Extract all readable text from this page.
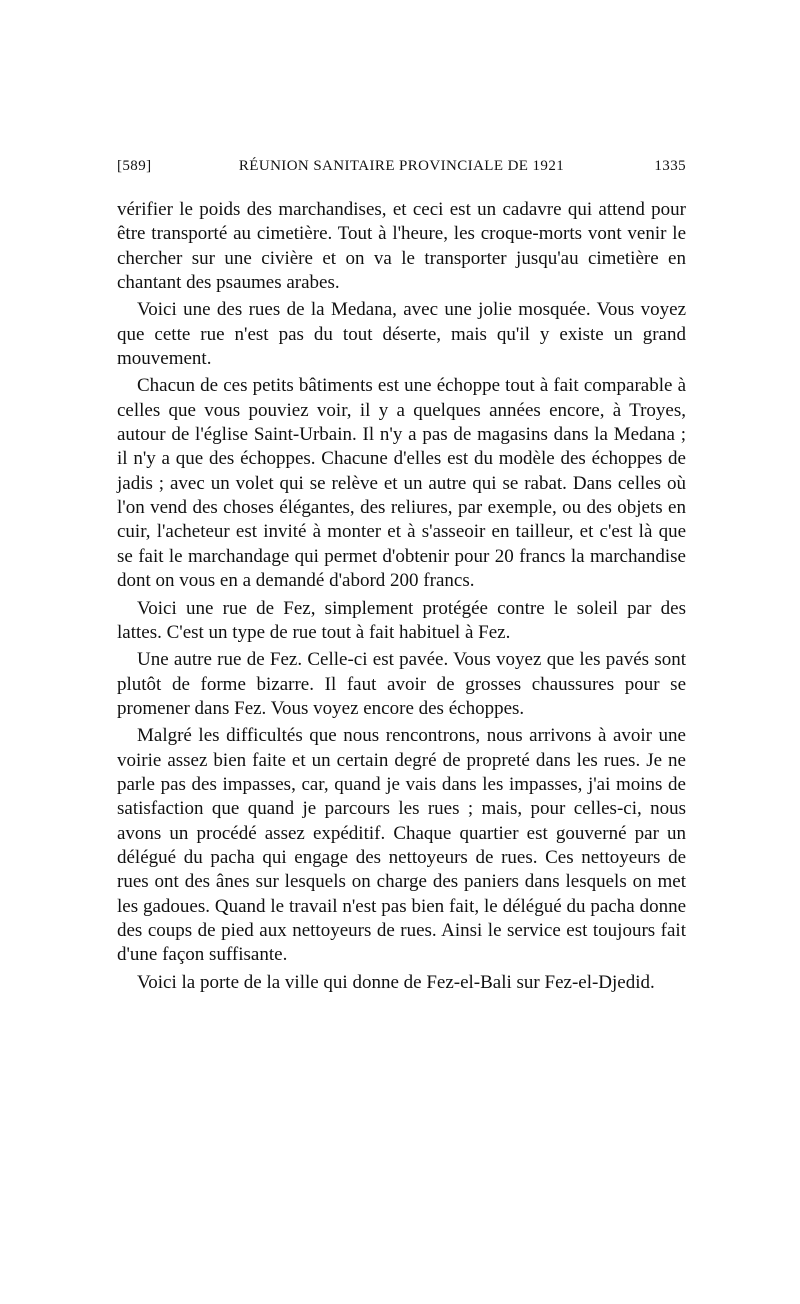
[589]	RÉUNION SANITAIRE PROVINCIALE DE 1921	1335

vérifier le poids des marchandises, et ceci est un cadavre qui attend pour être transporté au cimetière. Tout à l'heure, les croque-morts vont venir le chercher sur une civière et on va le transporter jusqu'au cimetière en chantant des psaumes arabes.

Voici une des rues de la Medana, avec une jolie mosquée. Vous voyez que cette rue n'est pas du tout déserte, mais qu'il y existe un grand mouvement.

Chacun de ces petits bâtiments est une échoppe tout à fait comparable à celles que vous pouviez voir, il y a quelques années encore, à Troyes, autour de l'église Saint-Urbain. Il n'y a pas de magasins dans la Medana ; il n'y a que des échoppes. Chacune d'elles est du modèle des échoppes de jadis ; avec un volet qui se relève et un autre qui se rabat. Dans celles où l'on vend des choses élégantes, des reliures, par exemple, ou des objets en cuir, l'acheteur est invité à monter et à s'asseoir en tailleur, et c'est là que se fait le marchandage qui permet d'obtenir pour 20 francs la marchandise dont on vous en a demandé d'abord 200 francs.

Voici une rue de Fez, simplement protégée contre le soleil par des lattes. C'est un type de rue tout à fait habituel à Fez.

Une autre rue de Fez. Celle-ci est pavée. Vous voyez que les pavés sont plutôt de forme bizarre. Il faut avoir de grosses chaussures pour se promener dans Fez. Vous voyez encore des échoppes.

Malgré les difficultés que nous rencontrons, nous arrivons à avoir une voirie assez bien faite et un certain degré de propreté dans les rues. Je ne parle pas des impasses, car, quand je vais dans les impasses, j'ai moins de satisfaction que quand je parcours les rues ; mais, pour celles-ci, nous avons un procédé assez expéditif. Chaque quartier est gouverné par un délégué du pacha qui engage des nettoyeurs de rues. Ces nettoyeurs de rues ont des ânes sur lesquels on charge des paniers dans lesquels on met les gadoues. Quand le travail n'est pas bien fait, le délégué du pacha donne des coups de pied aux nettoyeurs de rues. Ainsi le service est toujours fait d'une façon suffisante.

Voici la porte de la ville qui donne de Fez-el-Bali sur Fez-el-Djedid.
